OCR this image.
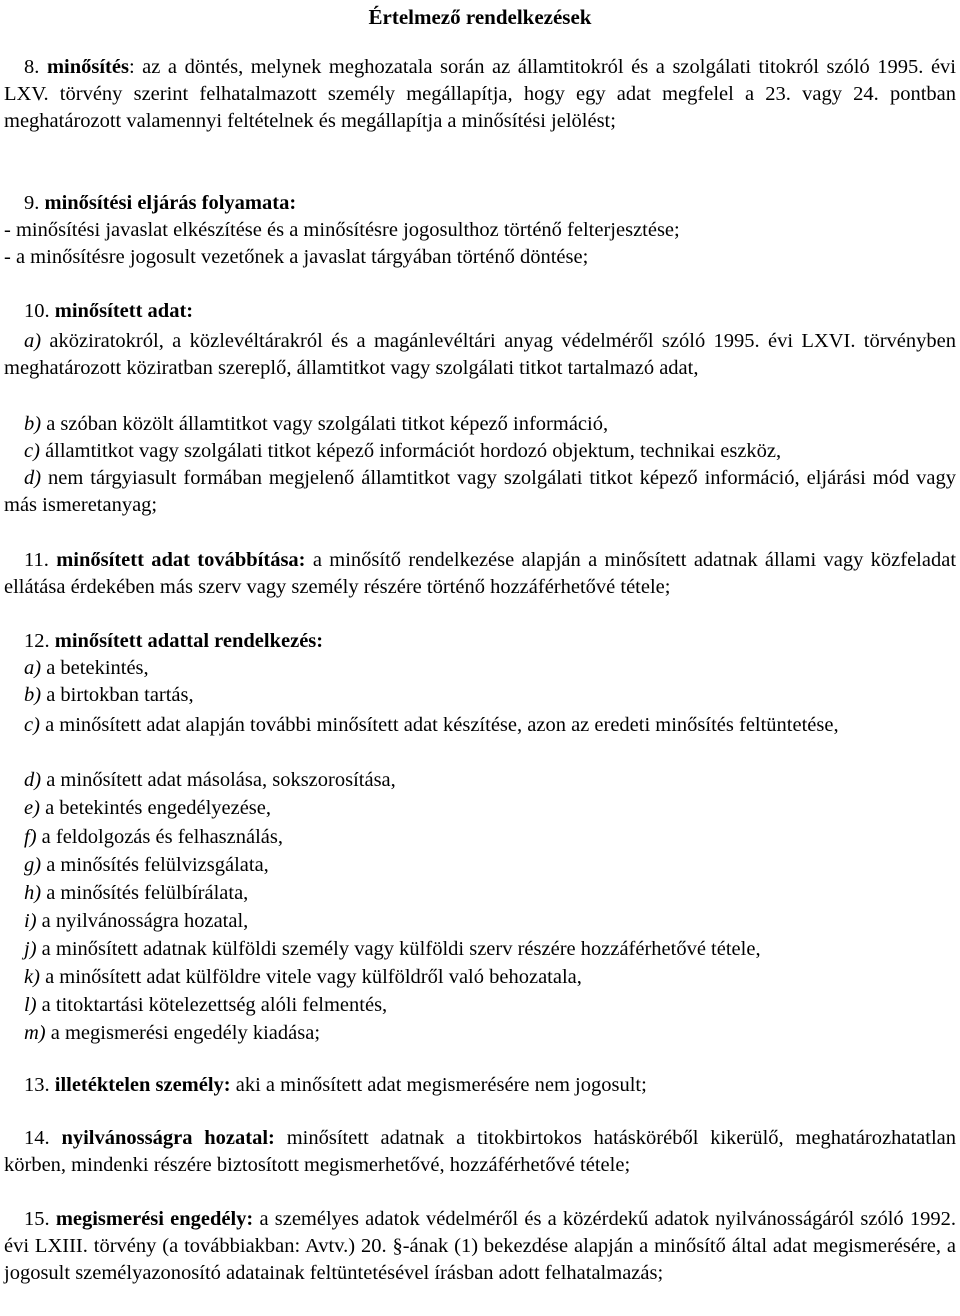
Értelmező rendelkezések
8. minősítés: az a döntés, melynek meghozatala során az államtitokról és a szolgálati titokról szóló 1995. évi LXV. törvény szerint felhatalmazott személy megállapítja, hogy egy adat megfelel a 23. vagy 24. pontban meghatározott valamennyi feltételnek és megállapítja a minősítési jelölést;
9. minősítési eljárás folyamata:
- minősítési javaslat elkészítése és a minősítésre jogosulthoz történő felterjesztése;
- a minősítésre jogosult vezetőnek a javaslat tárgyában történő döntése;
10. minősített adat:
a) aköziratokról, a közlevéltárakról és a magánlevéltári anyag védelméről szóló 1995. évi LXVI. törvényben meghatározott köziratban szereplő, államtitkot vagy szolgálati titkot tartalmazó adat,
b) a szóban közölt államtitkot vagy szolgálati titkot képező információ,
c) államtitkot vagy szolgálati titkot képező információt hordozó objektum, technikai eszköz,
d) nem tárgyiasult formában megjelenő államtitkot vagy szolgálati titkot képező információ, eljárási mód vagy más ismeretanyag;
11. minősített adat továbbítása: a minősítő rendelkezése alapján a minősített adatnak állami vagy közfeladat ellátása érdekében más szerv vagy személy részére történő hozzáférhetővé tétele;
12. minősített adattal rendelkezés:
a) a betekintés,
b) a birtokban tartás,
c) a minősített adat alapján további minősített adat készítése, azon az eredeti minősítés feltüntetése,
d) a minősített adat másolása, sokszorosítása,
e) a betekintés engedélyezése,
f) a feldolgozás és felhasználás,
g) a minősítés felülvizsgálata,
h) a minősítés felülbírálata,
i) a nyilvánosságra hozatal,
j) a minősített adatnak külföldi személy vagy külföldi szerv részére hozzáférhetővé tétele,
k) a minősített adat külföldre vitele vagy külföldről való behozatala,
l) a titoktartási kötelezettség alóli felmentés,
m) a megismerési engedély kiadása;
13. illetéktelen személy: aki a minősített adat megismerésére nem jogosult;
14. nyilvánosságra hozatal: minősített adatnak a titokbirtokos hatásköréből kikerülő, meghatározhatatlan körben, mindenki részére biztosított megismerhetővé, hozzáférhetővé tétele;
15. megismerési engedély: a személyes adatok védelméről és a közérdekű adatok nyilvánosságáról szóló 1992. évi LXIII. törvény (a továbbiakban: Avtv.) 20. §-ának (1) bekezdése alapján a minősítő által adat megismerésére, a jogosult személyazonosító adatainak feltüntetésével írásban adott felhatalmazás;
